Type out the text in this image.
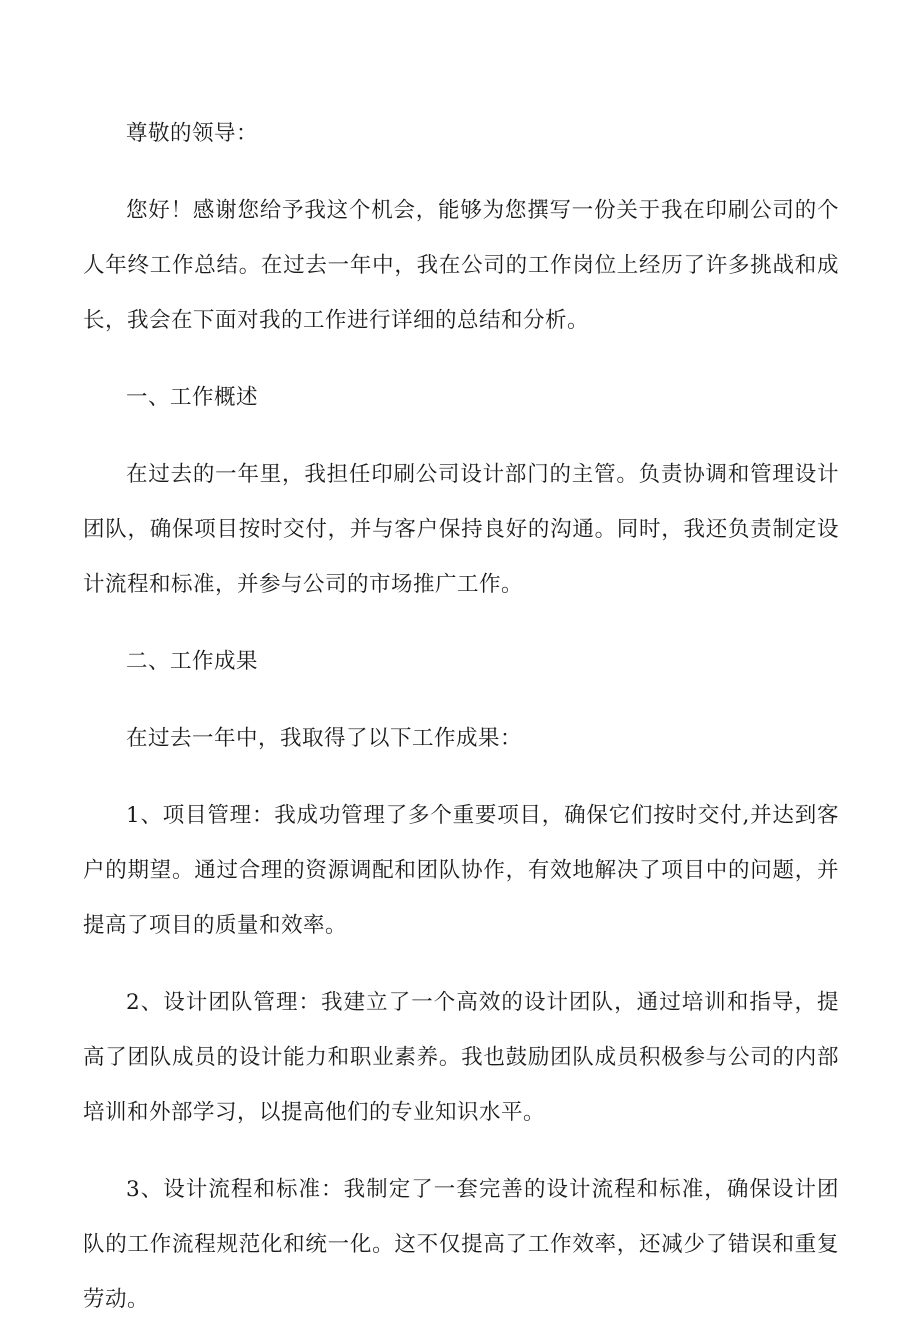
尊敬的领导：

您好！感谢您给予我这个机会，能够为您撰写一份关于我在印刷公司的个人年终工作总结。在过去一年中，我在公司的工作岗位上经历了许多挑战和成长，我会在下面对我的工作进行详细的总结和分析。

一、工作概述

在过去的一年里，我担任印刷公司设计部门的主管。负责协调和管理设计团队，确保项目按时交付，并与客户保持良好的沟通。同时，我还负责制定设计流程和标准，并参与公司的市场推广工作。

二、工作成果

在过去一年中，我取得了以下工作成果：

1、项目管理：我成功管理了多个重要项目，确保它们按时交付,并达到客户的期望。通过合理的资源调配和团队协作，有效地解决了项目中的问题，并提高了项目的质量和效率。

2、设计团队管理：我建立了一个高效的设计团队，通过培训和指导，提高了团队成员的设计能力和职业素养。我也鼓励团队成员积极参与公司的内部培训和外部学习，以提高他们的专业知识水平。

3、设计流程和标准：我制定了一套完善的设计流程和标准，确保设计团队的工作流程规范化和统一化。这不仅提高了工作效率，还减少了错误和重复劳动。
